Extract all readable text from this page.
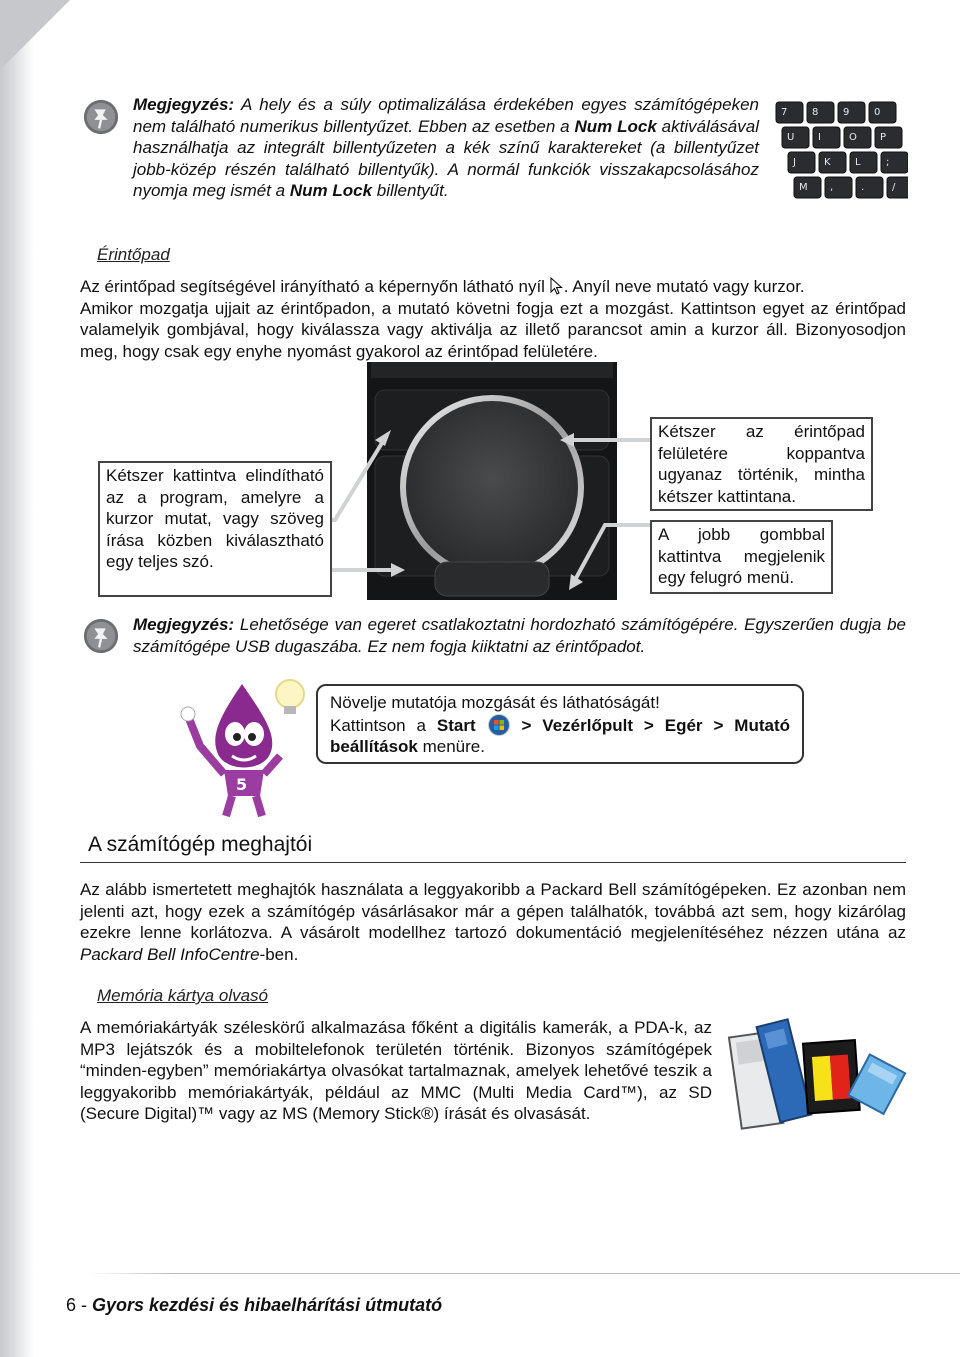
Megjegyzés: A hely és a súly optimalizálása érdekében egyes számítógépeken nem található numerikus billentyűzet. Ebben az esetben a Num Lock aktiválásával használhatja az integrált billentyűzeten a kék színű karaktereket (a billentyűzet jobb-közép részén található billentyűk). A normál funkciók visszakapcsolásához nyomja meg ismét a Num Lock billentyűt.
7 8 9 0
U I	O P
J	K L	;
M ,	.	/
Érintőpad
Az érintőpad segítségével irányítható a képernyőn látható nyíl . Anyíl neve mutató vagy kurzor.
Amikor mozgatja ujjait az érintőpadon, a mutató követni fogja ezt a mozgást. Kattintson egyet az érintőpad valamelyik gombjával, hogy kiválassza vagy aktiválja az illető parancsot amin a kurzor áll. Bizonyosodjon meg, hogy csak egy enyhe nyomást gyakorol az érintőpad felületére.
Kétszer kattintva elindítható az a program, amelyre a kurzor mutat, vagy szöveg írása közben kiválasztható egy teljes szó.
Kétszer az érintőpad felületére koppantva ugyanaz történik, mintha kétszer kattintana.
A jobb gombbal kattintva megjelenik egy felugró menü.
Megjegyzés: Lehetősége van egeret csatlakoztatni hordozható számítógépére. Egyszerűen dugja be számítógépe USB dugaszába. Ez nem fogja kiiktatni az érintőpadot.
5
Növelje mutatója mozgását és láthatóságát!
Kattintson a Start  > Vezérlőpult > Egér > Mutató beállítások menüre.
A számítógép meghajtói
Az alább ismertetett meghajtók használata a leggyakoribb a Packard Bell számítógépeken. Ez azonban nem jelenti azt, hogy ezek a számítógép vásárlásakor már a gépen találhatók, továbbá azt sem, hogy kizárólag ezekre lenne korlátozva. A vásárolt modellhez tartozó dokumentáció megjelenítéséhez nézzen utána az Packard Bell InfoCentre-ben.
Memória kártya olvasó
A memóriakártyák széleskörű alkalmazása főként a digitális kamerák, a PDA-k, az MP3 lejátszók és a mobiltelefonok területén történik. Bizonyos számítógépek “minden-egyben” memóriakártya olvasókat tartalmaznak, amelyek lehetővé teszik a leggyakoribb memóriakártyák, például az MMC (Multi Media Card™), az SD (Secure Digital)™ vagy az MS (Memory Stick®) írását és olvasását.
6 - Gyors kezdési és hibaelhárítási útmutató
